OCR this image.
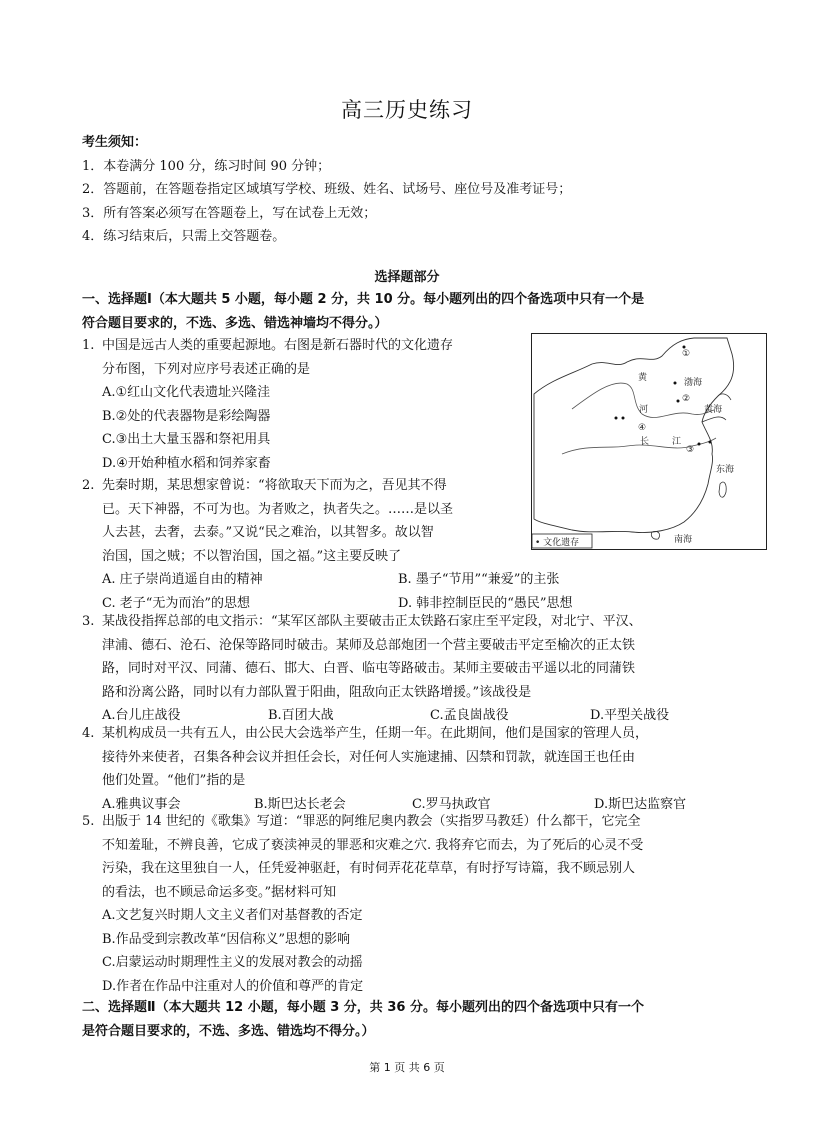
高三历史练习
考生须知：
1．本卷满分 100 分，练习时间 90 分钟；
2．答题前，在答题卷指定区域填写学校、班级、姓名、试场号、座位号及准考证号；
3．所有答案必须写在答题卷上，写在试卷上无效；
4．练习结束后，只需上交答题卷。
选择题部分
一、选择题Ⅰ（本大题共 5 小题，每小题 2 分，共 10 分。每小题列出的四个备选项中只有一个是
符合题目要求的，不选、多选、错选神墙均不得分。）
1. 中国是远古人类的重要起源地。右图是新石器时代的文化遗存
分布图，下列对应序号表述正确的是
A.①红山文化代表遗址兴隆洼
B.②处的代表器物是彩绘陶器
C.③出土大量玉器和祭祀用具
D.④开始种植水稻和饲养家畜
①
②
③
④
黄
河
长	江
渤海
黄海
东海
南海
• 文化遗存
2. 先秦时期，某思想家曾说：“将欲取天下而为之，吾见其不得
已。天下神器，不可为也。为者败之，执者失之。……是以圣
人去甚，去奢，去泰。”又说“民之难治，以其智多。故以智
治国，国之贼；不以智治国，国之福。”这主要反映了
A. 庄子崇尚逍遥自由的精神	B. 墨子“节用”“兼爱”的主张
C. 老子“无为而治”的思想	D. 韩非控制臣民的“愚民”思想
3. 某战役指挥总部的电文指示：“某军区部队主要破击正太铁路石家庄至平定段，对北宁、平汉、
津浦、德石、沧石、沧保等路同时破击。某师及总部炮团一个营主要破击平定至榆次的正太铁
路，同时对平汉、同蒲、德石、邯大、白晋、临屯等路破击。某师主要破击平遥以北的同蒲铁
路和汾离公路，同时以有力部队置于阳曲，阻敌向正太铁路增援。”该战役是
A.台儿庄战役	B.百团大战	C.孟良崮战役	D.平型关战役
4. 某机构成员一共有五人，由公民大会选举产生，任期一年。在此期间，他们是国家的管理人员，
接待外来使者，召集各种会议并担任会长，对任何人实施逮捕、囚禁和罚款，就连国王也任由
他们处置。“他们”指的是
A.雅典议事会	B.斯巴达长老会	C.罗马执政官	D.斯巴达监察官
5. 出版于 14 世纪的《歌集》写道：“罪恶的阿维尼奥内教会（实指罗马教廷）什么都干，它完全
不知羞耻，不辨良善，它成了亵渎神灵的罪恶和灾难之穴. 我将弃它而去，为了死后的心灵不受
污染，我在这里独自一人，任凭爱神驱赶，有时伺弄花花草草，有时抒写诗篇，我不顾忌别人
的看法，也不顾忌命运多变。”据材料可知
A.文艺复兴时期人文主义者们对基督教的否定
B.作品受到宗教改革“因信称义”思想的影响
C.启蒙运动时期理性主义的发展对教会的动摇
D.作者在作品中注重对人的价值和尊严的肯定
二、选择题Ⅱ（本大题共 12 小题，每小题 3 分，共 36 分。每小题列出的四个备选项中只有一个
是符合题目要求的，不选、多选、错选均不得分。）
第 1 页 共 6 页
